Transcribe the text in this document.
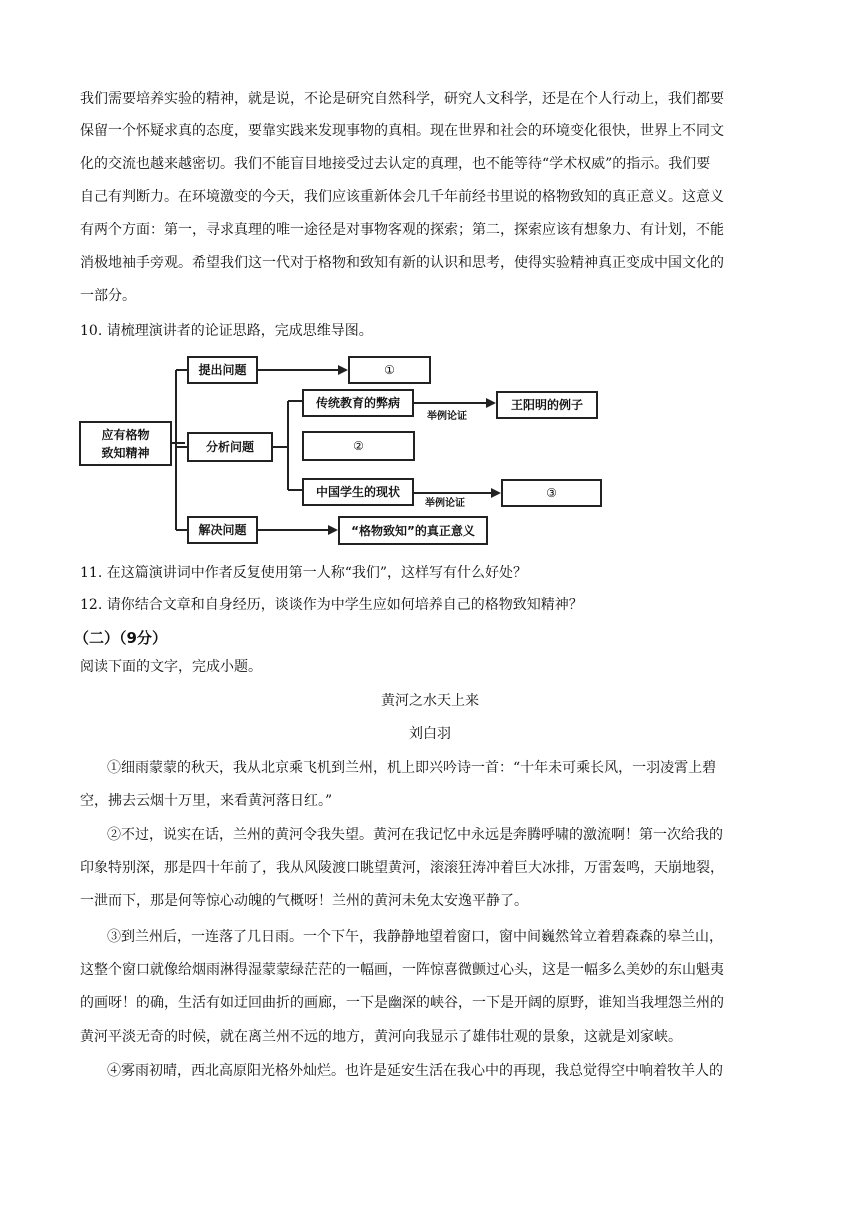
我们需要培养实验的精神，就是说，不论是研究自然科学，研究人文科学，还是在个人行动上，我们都要
保留一个怀疑求真的态度，要靠实践来发现事物的真相。现在世界和社会的环境变化很快，世界上不同文
化的交流也越来越密切。我们不能盲目地接受过去认定的真理，也不能等待“学术权威”的指示。我们要
自己有判断力。在环境激变的今天，我们应该重新体会几千年前经书里说的格物致知的真正意义。这意义
有两个方面：第一，寻求真理的唯一途径是对事物客观的探索；第二，探索应该有想象力、有计划，不能
消极地袖手旁观。希望我们这一代对于格物和致知有新的认识和思考，使得实验精神真正变成中国文化的
一部分。
10. 请梳理演讲者的论证思路，完成思维导图。
应有格物
致知精神
提出问题	①
分析问题
传统教育的弊病
举例论证
王阳明的例子
②
中国学生的现状
举例论证
③
解决问题	“格物致知”的真正意义
11. 在这篇演讲词中作者反复使用第一人称“我们”，这样写有什么好处？
12. 请你结合文章和自身经历，谈谈作为中学生应如何培养自己的格物致知精神？
（二）（9分）
阅读下面的文字，完成小题。
黄河之水天上来
刘白羽
①细雨蒙蒙的秋天，我从北京乘飞机到兰州，机上即兴吟诗一首：“十年未可乘长风，一羽凌霄上碧
空，拂去云烟十万里，来看黄河落日红。”
②不过，说实在话，兰州的黄河令我失望。黄河在我记忆中永远是奔腾呼啸的激流啊！第一次给我的
印象特别深，那是四十年前了，我从风陵渡口眺望黄河，滚滚狂涛冲着巨大冰排，万雷轰鸣，天崩地裂，
一泄而下，那是何等惊心动魄的气概呀！兰州的黄河未免太安逸平静了。
③到兰州后，一连落了几日雨。一个下午，我静静地望着窗口，窗中间巍然耸立着碧森森的皋兰山，
这整个窗口就像给烟雨淋得湿蒙蒙绿茫茫的一幅画，一阵惊喜微颤过心头，这是一幅多么美妙的东山魁夷
的画呀！的确，生活有如迂回曲折的画廊，一下是幽深的峡谷，一下是开阔的原野，谁知当我埋怨兰州的
黄河平淡无奇的时候，就在离兰州不远的地方，黄河向我显示了雄伟壮观的景象，这就是刘家峡。
④雾雨初晴，西北高原阳光格外灿烂。也许是延安生活在我心中的再现，我总觉得空中响着牧羊人的
